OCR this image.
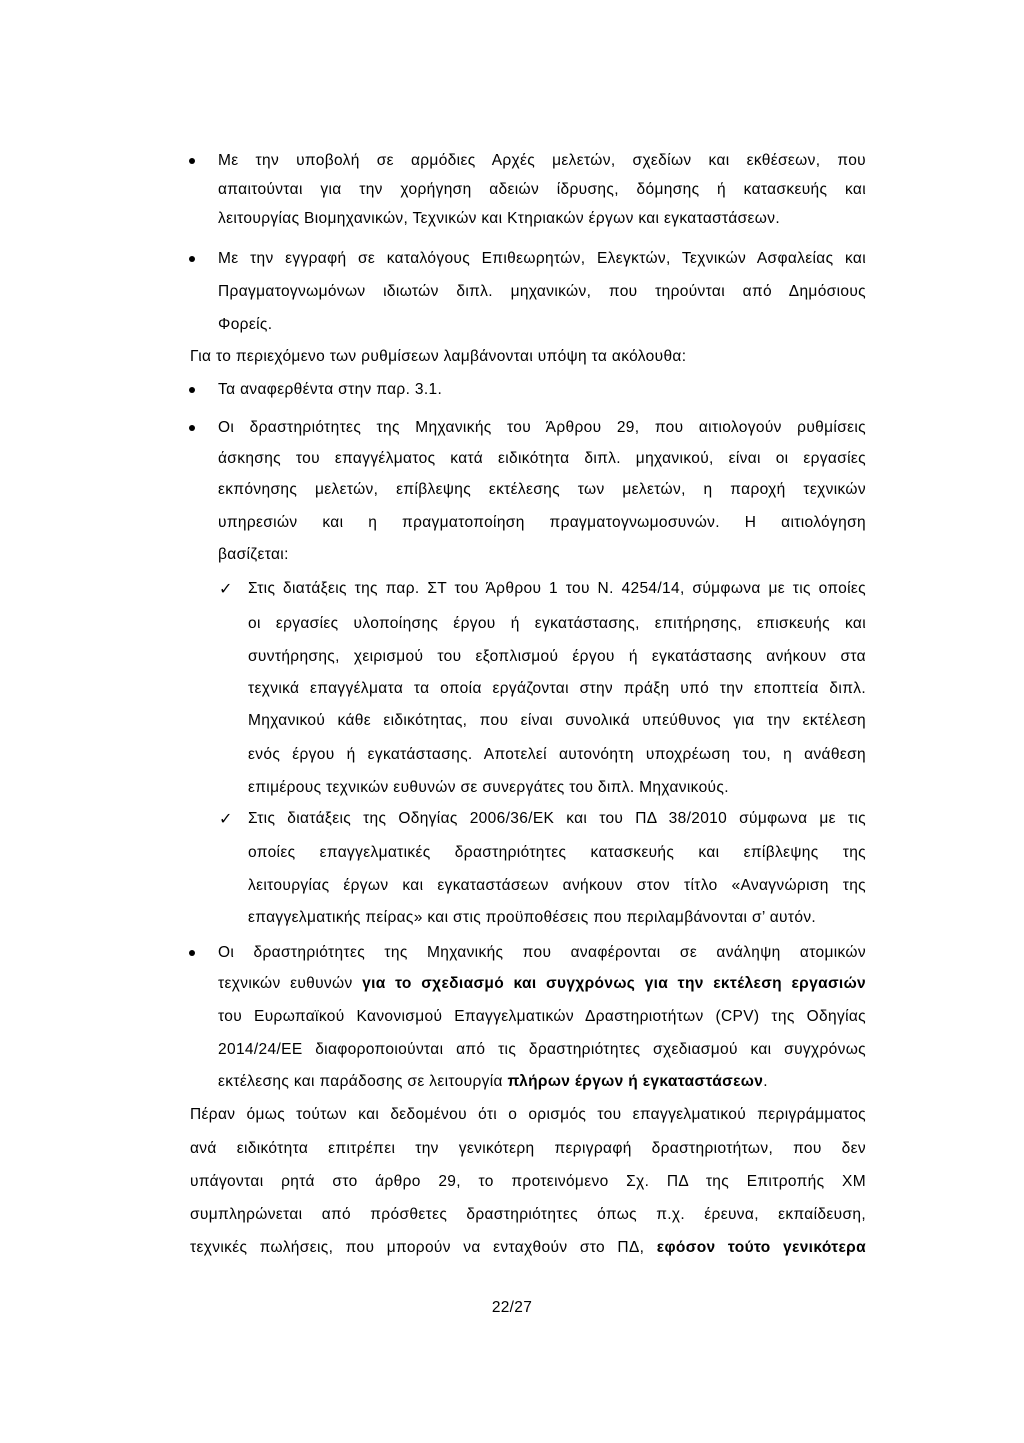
Με την υποβολή σε αρμόδιες Αρχές μελετών, σχεδίων και εκθέσεων, που
απαιτούνται για την χορήγηση αδειών ίδρυσης, δόμησης ή κατασκευής και
λειτουργίας Βιομηχανικών, Τεχνικών και Κτηριακών έργων και εγκαταστάσεων.
Με την εγγραφή σε καταλόγους Επιθεωρητών, Ελεγκτών, Τεχνικών Ασφαλείας και
Πραγματογνωμόνων ιδιωτών διπλ. μηχανικών, που τηρούνται από Δημόσιους
Φορείς.
Για το περιεχόμενο των ρυθμίσεων λαμβάνονται υπόψη τα ακόλουθα:
Τα αναφερθέντα στην παρ. 3.1.
Οι δραστηριότητες της Μηχανικής του Άρθρου 29, που αιτιολογούν ρυθμίσεις
άσκησης του επαγγέλματος κατά ειδικότητα διπλ. μηχανικού, είναι οι εργασίες
εκπόνησης μελετών, επίβλεψης εκτέλεσης των μελετών, η παροχή τεχνικών
υπηρεσιών και η πραγματοποίηση πραγματογνωμοσυνών. Η αιτιολόγηση
βασίζεται:
✓ Στις διατάξεις της παρ. ΣΤ του Άρθρου 1 του Ν. 4254/14, σύμφωνα με τις οποίες
οι εργασίες υλοποίησης έργου ή εγκατάστασης, επιτήρησης, επισκευής και
συντήρησης, χειρισμού του εξοπλισμού έργου ή εγκατάστασης ανήκουν στα
τεχνικά επαγγέλματα τα οποία εργάζονται στην πράξη υπό την εποπτεία διπλ.
Μηχανικού κάθε ειδικότητας, που είναι συνολικά υπεύθυνος για την εκτέλεση
ενός έργου ή εγκατάστασης. Αποτελεί αυτονόητη υποχρέωση του, η ανάθεση
επιμέρους τεχνικών ευθυνών σε συνεργάτες του διπλ. Μηχανικούς.
✓ Στις διατάξεις της Οδηγίας 2006/36/ΕΚ και του ΠΔ 38/2010 σύμφωνα με τις
οποίες επαγγελματικές δραστηριότητες κατασκευής και επίβλεψης της
λειτουργίας έργων και εγκαταστάσεων ανήκουν στον τίτλο «Αναγνώριση της
επαγγελματικής πείρας» και στις προϋποθέσεις που περιλαμβάνονται σ’ αυτόν.
Οι δραστηριότητες της Μηχανικής που αναφέρονται σε ανάληψη ατομικών
τεχνικών ευθυνών για το σχεδιασμό και συγχρόνως για την εκτέλεση εργασιών
του Ευρωπαϊκού Κανονισμού Επαγγελματικών Δραστηριοτήτων (CPV) της Οδηγίας
2014/24/ΕΕ διαφοροποιούνται από τις δραστηριότητες σχεδιασμού και συγχρόνως
εκτέλεσης και παράδοσης σε λειτουργία πλήρων έργων ή εγκαταστάσεων.
Πέραν όμως τούτων και δεδομένου ότι ο ορισμός του επαγγελματικού περιγράμματος
ανά ειδικότητα επιτρέπει την γενικότερη περιγραφή δραστηριοτήτων, που δεν
υπάγονται ρητά στο άρθρο 29, το προτεινόμενο Σχ. ΠΔ της Επιτροπής ΧΜ
συμπληρώνεται από πρόσθετες δραστηριότητες όπως π.χ. έρευνα, εκπαίδευση,
τεχνικές πωλήσεις, που μπορούν να ενταχθούν στο ΠΔ, εφόσον τούτο γενικότερα
22/27
